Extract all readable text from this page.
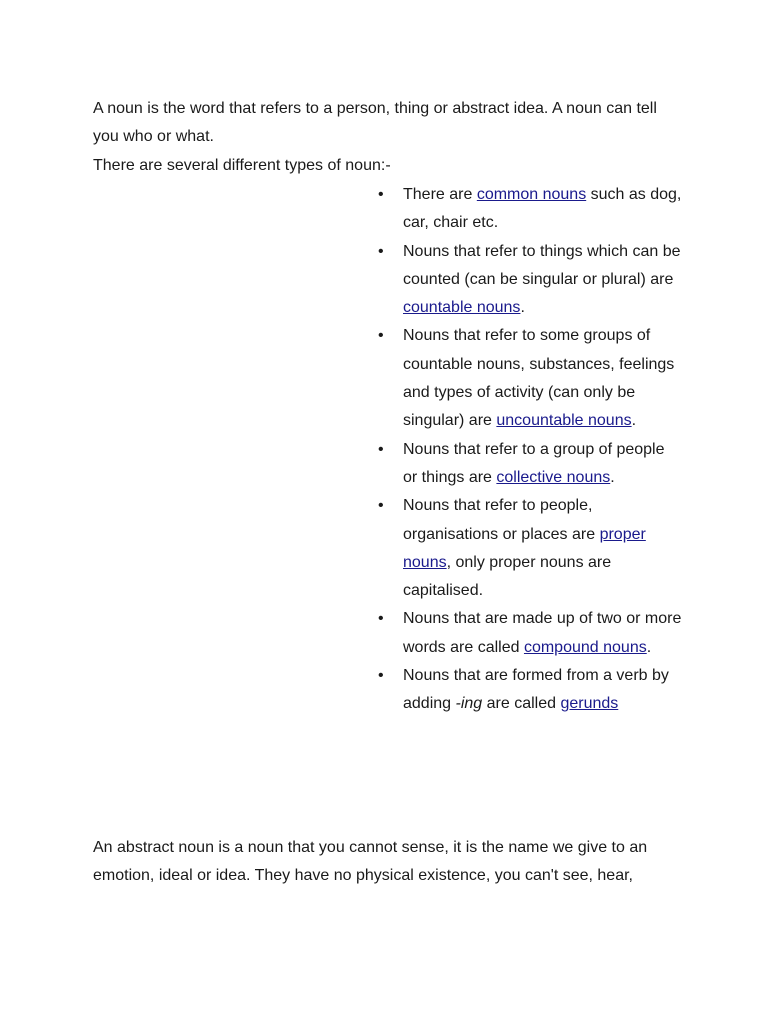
A noun is the word that refers to a person, thing or abstract idea. A noun can tell you who or what.

There are several different types of noun:-

• There are common nouns such as dog, car, chair etc.
• Nouns that refer to things which can be counted (can be singular or plural) are countable nouns.
• Nouns that refer to some groups of countable nouns, substances, feelings and types of activity (can only be singular) are uncountable nouns.
• Nouns that refer to a group of people or things are collective nouns.
• Nouns that refer to people, organisations or places are proper nouns, only proper nouns are capitalised.
• Nouns that are made up of two or more words are called compound nouns.
• Nouns that are formed from a verb by adding -ing are called gerunds

An abstract noun is a noun that you cannot sense, it is the name we give to an emotion, ideal or idea. They have no physical existence, you can't see, hear,
